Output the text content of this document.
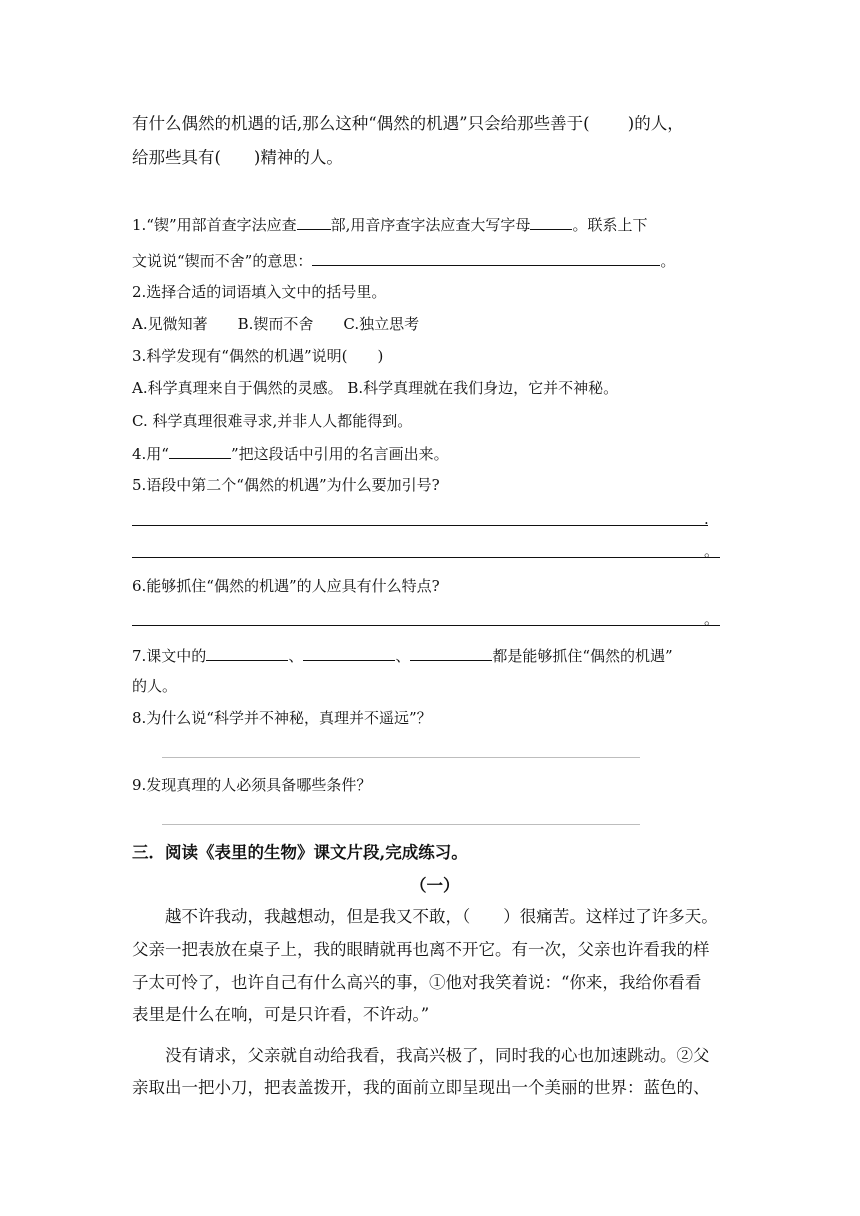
有什么偶然的机遇的话,那么这种“偶然的机遇”只会给那些善于(　　 )的人，
给那些具有(　　)精神的人。
1.“锲”用部首查字法应查 部,用音序查字法应查大写字母	。联系上下
文说说“锲而不舍”的意思：	。
2.选择合适的词语填入文中的括号里。
A.见微知著　　B.锲而不舍　　C.独立思考
3.科学发现有“偶然的机遇”说明(　　)
A.科学真理来自于偶然的灵感。 B.科学真理就在我们身边，它并不神秘。
C. 科学真理很难寻求,并非人人都能得到。
4.用“	”把这段话中引用的名言画出来。
5.语段中第二个“偶然的机遇”为什么要加引号?
.
。
6.能够抓住“偶然的机遇”的人应具有什么特点?
。
7.课文中的	、	、	都是能够抓住“偶然的机遇”
的人。
8.为什么说“科学并不神秘，真理并不遥远”？
9.发现真理的人必须具备哪些条件？
三．阅读《表里的生物》课文片段,完成练习。
（一）
　　越不许我动，我越想动，但是我又不敢，（　　）很痛苦。这样过了许多天。
父亲一把表放在桌子上，我的眼睛就再也离不开它。有一次，父亲也许看我的样
子太可怜了，也许自己有什么高兴的事，①他对我笑着说：“你来，我给你看看
表里是什么在响，可是只许看，不许动。”
　　没有请求，父亲就自动给我看，我高兴极了，同时我的心也加速跳动。②父
亲取出一把小刀，把表盖拨开，我的面前立即呈现出一个美丽的世界：蓝色的、
